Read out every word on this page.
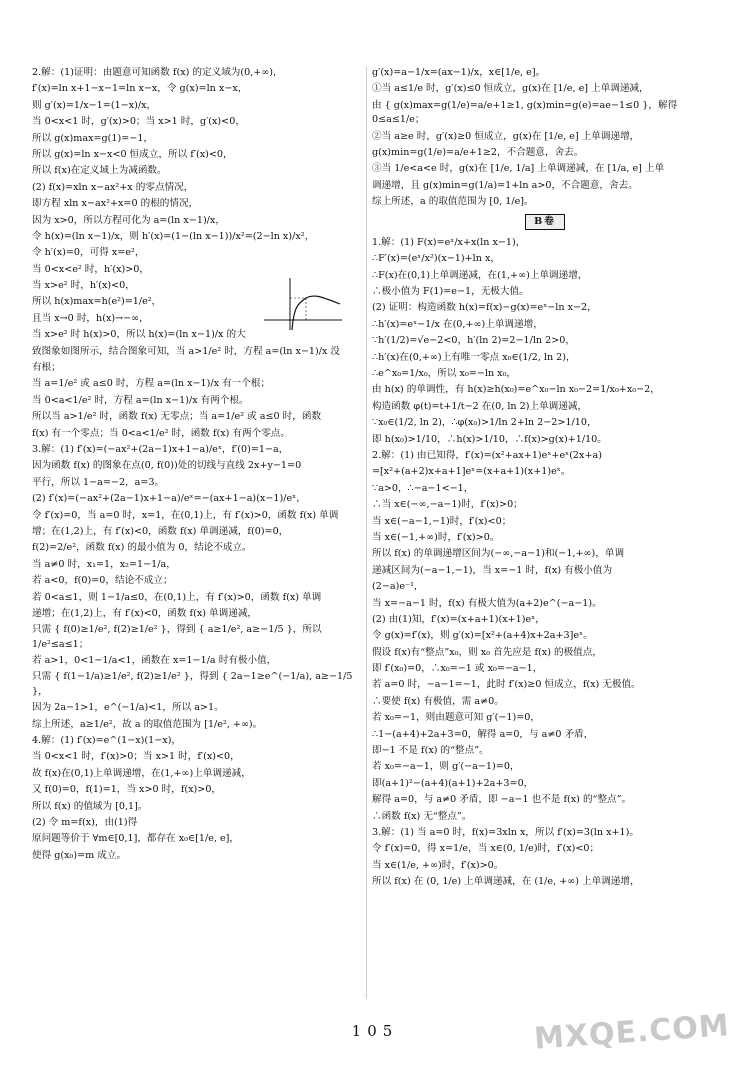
2.解：(1)证明：由题意可知函数 f(x) 的定义域为(0,+∞)，

f′(x)=ln x+1−x−1=ln x−x，令 g(x)=ln x−x，

则 g′(x)=1/x−1=(1−x)/x，

当 0<x<1 时，g′(x)>0；当 x>1 时，g′(x)<0，

所以 g(x)max=g(1)=−1，

所以 g(x)=ln x−x<0 恒成立，所以 f′(x)<0，

所以 f(x)在定义域上为减函数。

(2) f(x)=xln x−ax²+x 的零点情况，

即方程 xln x−ax²+x=0 的根的情况，

因为 x>0，所以方程可化为 a=(ln x−1)/x，

令 h(x)=(ln x−1)/x，则 h′(x)=(1−(ln x−1))/x²=(2−ln x)/x²，

令 h′(x)=0，可得 x=e²，

当 0<x<e² 时，h′(x)>0，

当 x>e² 时，h′(x)<0，

所以 h(x)max=h(e²)=1/e²，

且当 x→0 时，h(x)→−∞，

当 x>e² 时 h(x)>0，所以 h(x)=(ln x−1)/x 的大

致图象如图所示，结合图象可知，当 a>1/e² 时，方程 a=(ln x−1)/x 没

有根；

当 a=1/e² 或 a≤0 时，方程 a=(ln x−1)/x 有一个根；

当 0<a<1/e² 时，方程 a=(ln x−1)/x 有两个根。

所以当 a>1/e² 时，函数 f(x) 无零点；当 a=1/e² 或 a≤0 时，函数

f(x) 有一个零点；当 0<a<1/e² 时，函数 f(x) 有两个零点。

3.解：(1) f′(x)=(−ax²+(2a−1)x+1−a)/eˣ，f′(0)=1−a，

因为函数 f(x) 的图象在点(0, f(0))处的切线与直线 2x+y−1=0

平行，所以 1−a=−2，a=3。

(2) f′(x)=(−ax²+(2a−1)x+1−a)/eˣ=−(ax+1−a)(x−1)/eˣ，

令 f′(x)=0，当 a=0 时，x=1，在(0,1)上，有 f′(x)>0，函数 f(x) 单调

增；在(1,2)上，有 f′(x)<0，函数 f(x) 单调递减，f(0)=0，

f(2)=2/e²，函数 f(x) 的最小值为 0，结论不成立。

当 a≠0 时，x₁=1，x₂=1−1/a，

若 a<0，f(0)=0，结论不成立；

若 0<a≤1，则 1−1/a≤0，在(0,1)上，有 f′(x)>0，函数 f(x) 单调

递增；在(1,2)上，有 f′(x)<0，函数 f(x) 单调递减，

只需 { f(0)≥1/e², f(2)≥1/e² }，得到 { a≥1/e², a≥−1/5 }，所以 1/e²≤a≤1；

若 a>1，0<1−1/a<1，函数在 x=1−1/a 时有极小值，

只需 { f(1−1/a)≥1/e², f(2)≥1/e² }，得到 { 2a−1≥e^(−1/a), a≥−1/5 }，

因为 2a−1>1，e^(−1/a)<1，所以 a>1。

综上所述，a≥1/e²，故 a 的取值范围为 [1/e², +∞)。

4.解：(1) f′(x)=e^(1−x)(1−x)，

当 0<x<1 时，f′(x)>0；当 x>1 时，f′(x)<0，

故 f(x)在(0,1)上单调递增，在(1,+∞)上单调递减，

又 f(0)=0，f(1)=1，当 x>0 时，f(x)>0，

所以 f(x) 的值域为 [0,1]。

(2) 令 m=f(x)，由(1)得

原问题等价于 ∀m∈[0,1]，都存在 x₀∈[1/e, e]，

使得 g(x₀)=m 成立。

g′(x)=a−1/x=(ax−1)/x，x∈[1/e, e]。

①当 a≤1/e 时，g′(x)≤0 恒成立，g(x)在 [1/e, e] 上单调递减，

由 { g(x)max=g(1/e)=a/e+1≥1, g(x)min=g(e)=ae−1≤0 }，解得 0≤a≤1/e；

②当 a≥e 时，g′(x)≥0 恒成立，g(x)在 [1/e, e] 上单调递增，

g(x)min=g(1/e)=a/e+1≥2，不合题意，舍去。

③当 1/e<a<e 时，g(x)在 [1/e, 1/a] 上单调递减，在 [1/a, e] 上单

调递增，且 g(x)min=g(1/a)=1+ln a>0，不合题意，舍去。

综上所述，a 的取值范围为 [0, 1/e]。

B卷

1.解：(1) F(x)=eˣ/x+x(ln x−1)，

∴F′(x)=(eˣ/x²)(x−1)+ln x，

∴F(x)在(0,1)上单调递减，在(1,+∞)上单调递增，

∴极小值为 F(1)=e−1，无极大值。

(2) 证明：构造函数 h(x)=f(x)−g(x)=eˣ−ln x−2，

∴h′(x)=eˣ−1/x 在(0,+∞)上单调递增，

∵h′(1/2)=√e−2<0，h′(ln 2)=2−1/ln 2>0，

∴h′(x)在(0,+∞)上有唯一零点 x₀∈(1/2, ln 2)，

∴e^x₀=1/x₀，所以 x₀=−ln x₀，

由 h(x) 的单调性，有 h(x)≥h(x₀)=e^x₀−ln x₀−2=1/x₀+x₀−2，

构造函数 φ(t)=t+1/t−2 在(0, ln 2)上单调递减，

∵x₀∈(1/2, ln 2)，∴φ(x₀)>1/ln 2+ln 2−2>1/10，

即 h(x₀)>1/10，∴h(x)>1/10，∴f(x)>g(x)+1/10。

2.解：(1) 由已知得，f′(x)=(x²+ax+1)eˣ+eˣ(2x+a)

=[x²+(a+2)x+a+1]eˣ=(x+a+1)(x+1)eˣ。

∵a>0，∴−a−1<−1，

∴当 x∈(−∞,−a−1)时，f′(x)>0；

当 x∈(−a−1,−1)时，f′(x)<0；

当 x∈(−1,+∞)时，f′(x)>0。

所以 f(x) 的单调递增区间为(−∞,−a−1)和(−1,+∞)，单调

递减区间为(−a−1,−1)，当 x=−1 时，f(x) 有极小值为

(2−a)e⁻¹，

当 x=−a−1 时，f(x) 有极大值为(a+2)e^(−a−1)。

(2) 由(1)知，f′(x)=(x+a+1)(x+1)eˣ，

令 g(x)=f′(x)，则 g′(x)=[x²+(a+4)x+2a+3]eˣ。

假设 f(x)有“整点”x₀，则 x₀ 首先应是 f(x) 的极值点，

即 f′(x₀)=0，∴x₀=−1 或 x₀=−a−1，

若 a=0 时，−a−1=−1，此时 f′(x)≥0 恒成立，f(x) 无极值。

∴要使 f(x) 有极值，需 a≠0。

若 x₀=−1，则由题意可知 g′(−1)=0，

∴1−(a+4)+2a+3=0，解得 a=0，与 a≠0 矛盾，

即−1 不是 f(x) 的“整点”。

若 x₀=−a−1，则 g′(−a−1)=0，

即(a+1)²−(a+4)(a+1)+2a+3=0，

解得 a=0，与 a≠0 矛盾，即 −a−1 也不是 f(x) 的“整点”。

∴函数 f(x) 无“整点”。

3.解：(1) 当 a=0 时，f(x)=3xln x，所以 f′(x)=3(ln x+1)。

令 f′(x)=0，得 x=1/e，当 x∈(0, 1/e)时，f′(x)<0；

当 x∈(1/e, +∞)时，f′(x)>0。

所以 f(x) 在 (0, 1/e) 上单调递减，在 (1/e, +∞) 上单调递增，

105	MXQE.COM
